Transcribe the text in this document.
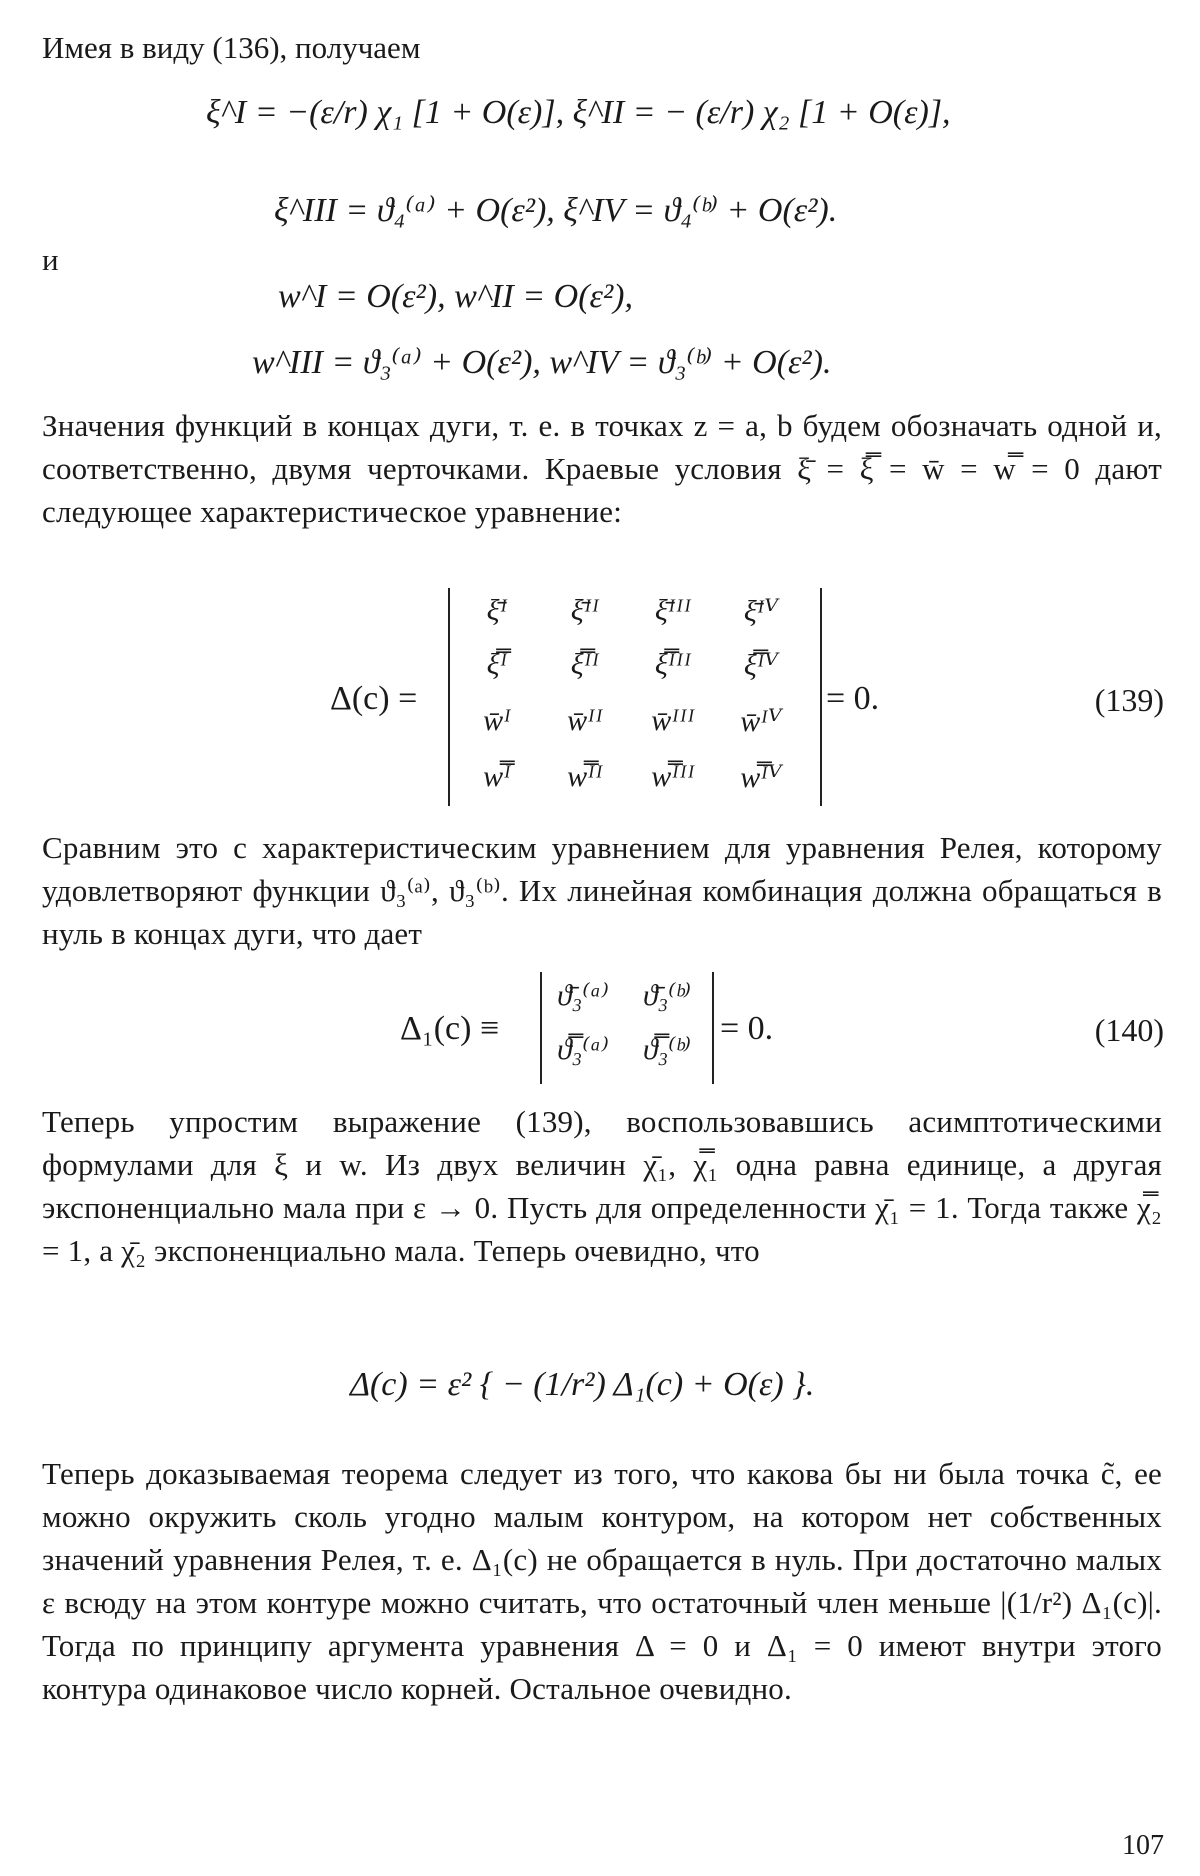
Имея в виду (136), получаем
ξ^I = −(ε/r) χ₁ [1 + O(ε)], ξ^II = − (ε/r) χ₂ [1 + O(ε)],
ξ^III = ϑ₄⁽ᵃ⁾ + O(ε²), ξ^IV = ϑ₄⁽ᵇ⁾ + O(ε²).
и
w^I = O(ε²), w^II = O(ε²),
w^III = ϑ₃⁽ᵃ⁾ + O(ε²), w^IV = ϑ₃⁽ᵇ⁾ + O(ε²).
Значения функций в концах дуги, т. е. в точках z = a, b будем обозначать одной и, соответственно, двумя черточками. Краевые условия ξ̄ = ξ̿ = w̄ = w̿ = 0 дают следующее характеристическое уравнение:
Δ(c) =
ξ̄ᴵ	ξ̄ᴵᴵ	ξ̄ᴵᴵᴵ	ξ̄ᴵⱽ
ξ̿ᴵ	ξ̿ᴵᴵ	ξ̿ᴵᴵᴵ	ξ̿ᴵⱽ
w̄ᴵ	w̄ᴵᴵ	w̄ᴵᴵᴵ	w̄ᴵⱽ
w̿ᴵ	w̿ᴵᴵ	w̿ᴵᴵᴵ	w̿ᴵⱽ
= 0.	(139)
Сравним это с характеристическим уравнением для уравнения Релея, которому удовлетворяют функции ϑ₃⁽ᵃ⁾, ϑ₃⁽ᵇ⁾. Их линейная комбинация должна обращаться в нуль в концах дуги, что дает
Δ₁(c) ≡
ϑ̄₃⁽ᵃ⁾	ϑ̄₃⁽ᵇ⁾
ϑ̿₃⁽ᵃ⁾	ϑ̿₃⁽ᵇ⁾
= 0.	(140)
Теперь упростим выражение (139), воспользовавшись асимптотическими формулами для ξ и w. Из двух величин χ̄₁, χ̿₁ одна равна единице, а другая экспоненциально мала при ε → 0. Пусть для определенности χ̄₁ = 1. Тогда также χ̿₂ = 1, а χ̄₂ экспоненциально мала. Теперь очевидно, что
Δ(c) = ε² { − (1/r²) Δ₁(c) + O(ε) }.
Теперь доказываемая теорема следует из того, что какова бы ни была точка c̃, ее можно окружить сколь угодно малым контуром, на котором нет собственных значений уравнения Релея, т. е. Δ₁(c) не обращается в нуль. При достаточно малых ε всюду на этом контуре можно считать, что остаточный член меньше |(1/r²) Δ₁(c)|. Тогда по принципу аргумента уравнения Δ = 0 и Δ₁ = 0 имеют внутри этого контура одинаковое число корней. Остальное очевидно.
107
